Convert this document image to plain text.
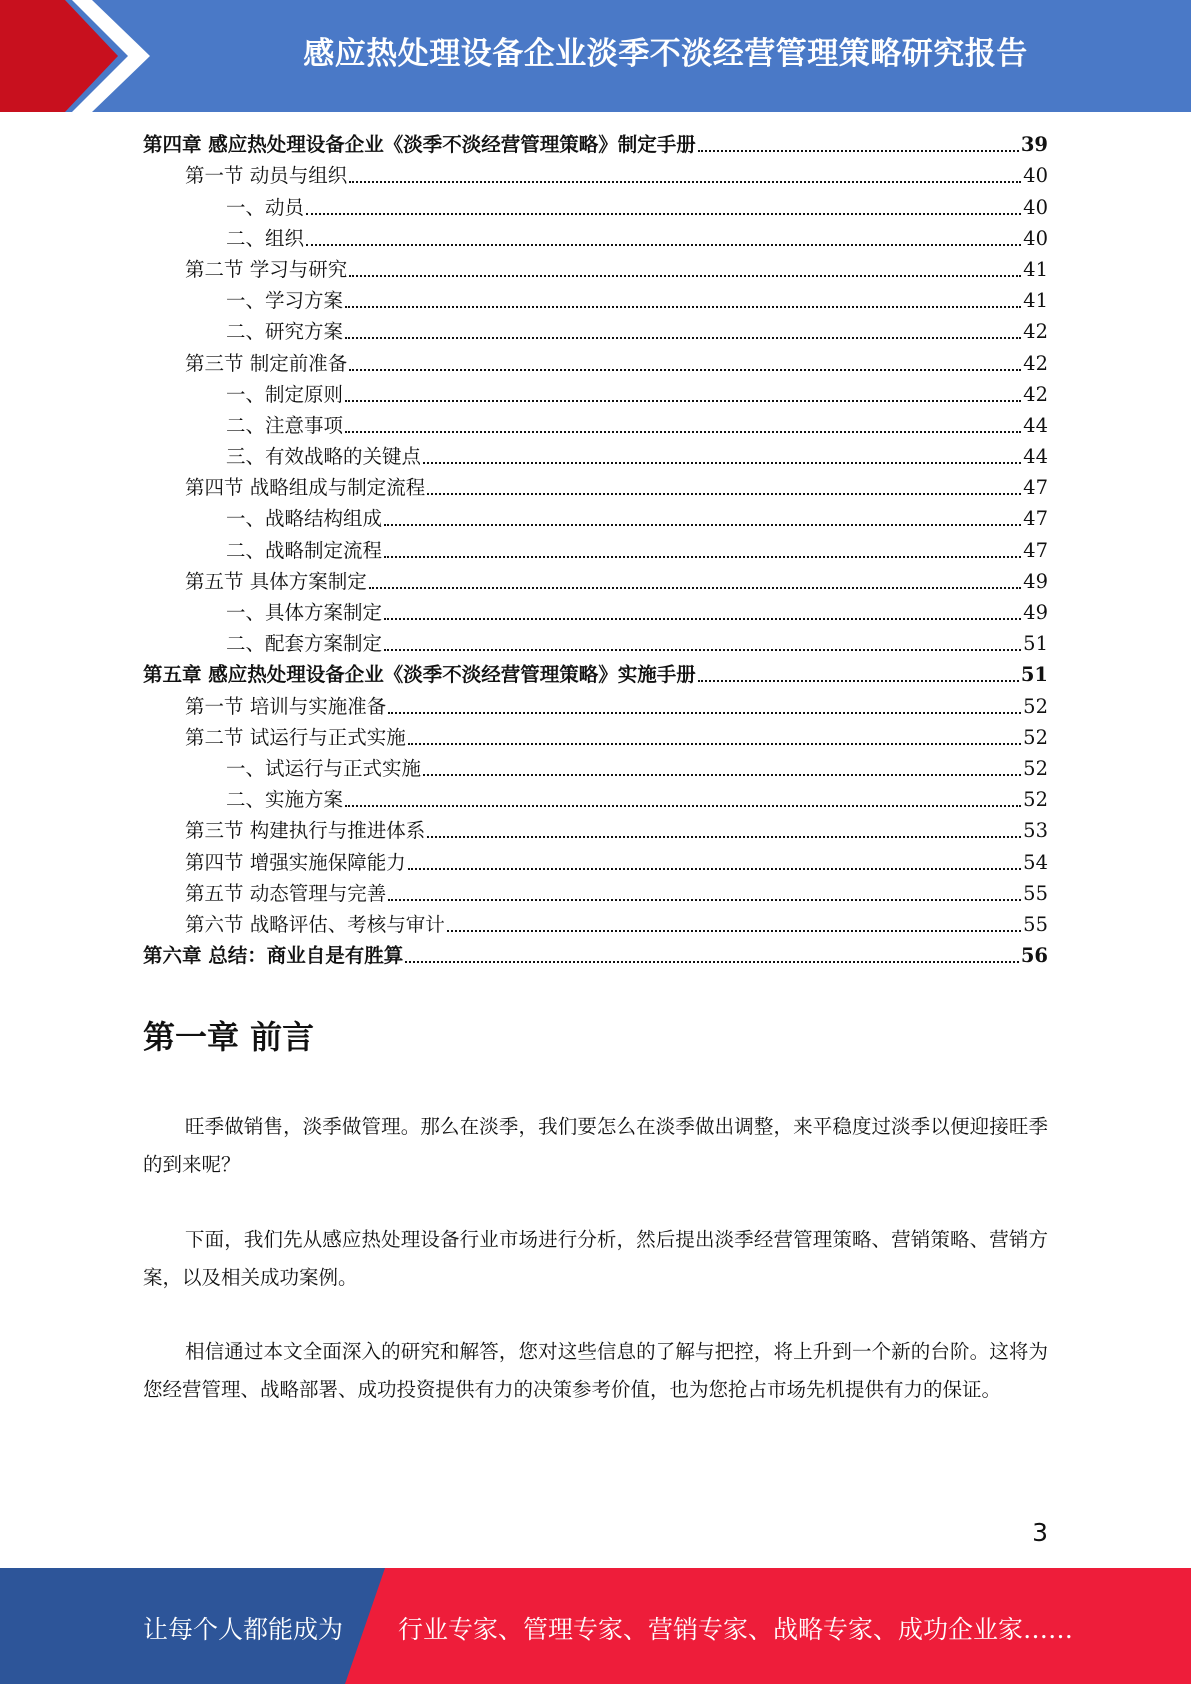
感应热处理设备企业淡季不淡经营管理策略研究报告
第四章 感应热处理设备企业《淡季不淡经营管理策略》制定手册	39
第一节 动员与组织	40
一、动员	40
二、组织	40
第二节 学习与研究	41
一、学习方案	41
二、研究方案	42
第三节 制定前准备	42
一、制定原则	42
二、注意事项	44
三、有效战略的关键点	44
第四节 战略组成与制定流程	47
一、战略结构组成	47
二、战略制定流程	47
第五节 具体方案制定	49
一、具体方案制定	49
二、配套方案制定	51
第五章 感应热处理设备企业《淡季不淡经营管理策略》实施手册	51
第一节 培训与实施准备	52
第二节 试运行与正式实施	52
一、试运行与正式实施	52
二、实施方案	52
第三节 构建执行与推进体系	53
第四节 增强实施保障能力	54
第五节 动态管理与完善	55
第六节 战略评估、考核与审计	55
第六章 总结：商业自是有胜算	56
第一章 前言

旺季做销售，淡季做管理。那么在淡季，我们要怎么在淡季做出调整，来平稳度过淡季以便迎接旺季的到来呢？

下面，我们先从感应热处理设备行业市场进行分析，然后提出淡季经营管理策略、营销策略、营销方案，以及相关成功案例。

相信通过本文全面深入的研究和解答，您对这些信息的了解与把控，将上升到一个新的台阶。这将为您经营管理、战略部署、成功投资提供有力的决策参考价值，也为您抢占市场先机提供有力的保证。

3
让每个人都能成为 行业专家、管理专家、营销专家、战略专家、成功企业家……
